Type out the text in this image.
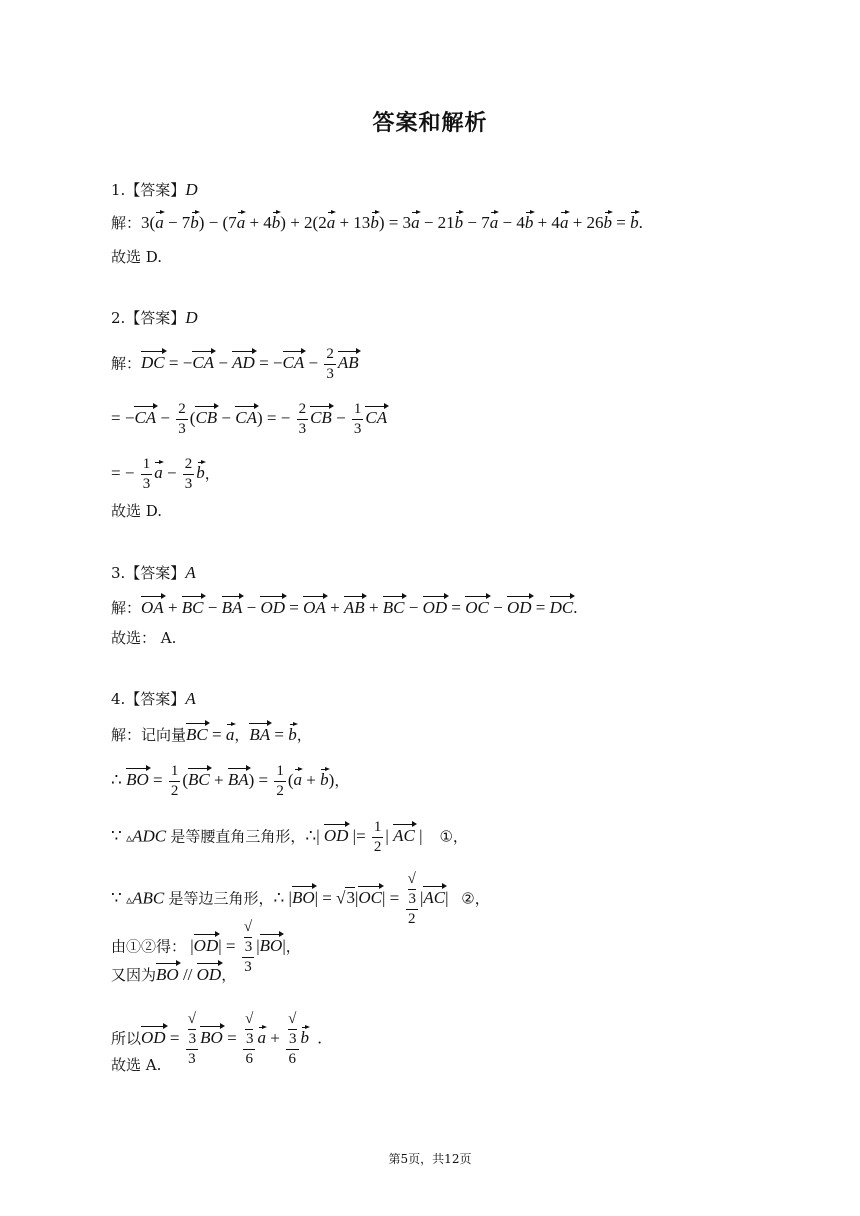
答案和解析
1.【答案】D
解：3(a − 7b) − (7a + 4b) + 2(2a + 13b) = 3a − 21b − 7a − 4b + 4a + 26b = b.
故选 D.
2.【答案】D
解：DC = −CA − AD = $-CA - \frac{2}{3}$ AB
= $-CA - \frac{2}{3} (CB - CA)$ = − $\frac{2}{3}$ CB − $\frac{1}{3}$ CA
= − $\frac{1}{3}$ $a - \frac{2}{3}$ b，
故选 D.
3.【答案】A
解：OA + BC − BA − OD = OA + AB + BC − OD = OC − OD = DC.
故选： A.
4.【答案】A
解：记向量BC = a，BA = b，
∴ BO = $\frac{1}{2} (BC + BA) = \frac{1}{2} (a + b)$，
∵ ▵ADC 是等腰直角三角形，∴| OD |= $\frac{1}{2}$ | AC |    ①，
∵ ▵ABC 是等边三角形，∴ |BO| = √3|OC| = √
3
2 |AC|   ②，
由①②得： |OD| = √
3
3 |BO|，
又因为BO // OD，
所以OD = √
3
3 BO = √
3
6 a + √
3
6 b  .
故选 A.
第5页，共12页
